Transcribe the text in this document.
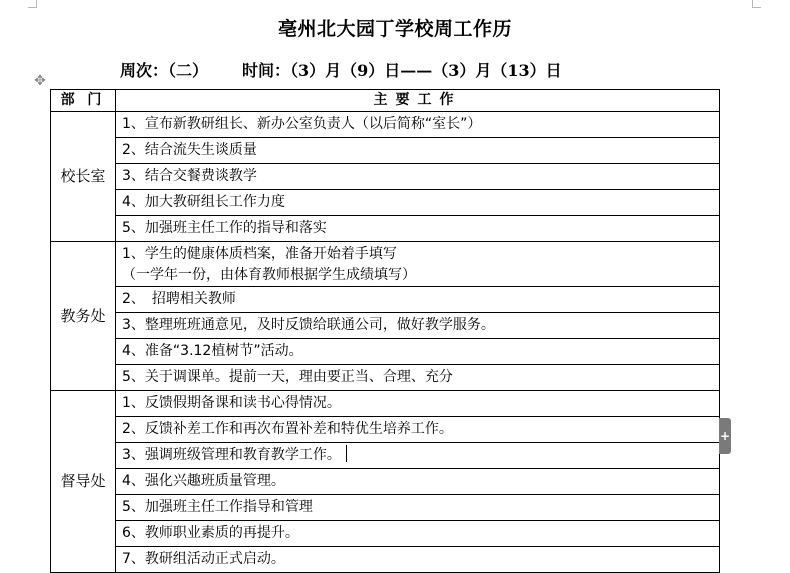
亳州北大园丁学校周工作历
周次：（二） 时间：（3）月（9）日——（3）月（13）日
✥
部 门	主要工作
校长室	1、宣布新教研组长、新办公室负责人（以后简称“室长”）
	2、结合流失生谈质量
	3、结合交餐费谈教学
	4、加大教研组长工作力度
	5、加强班主任工作的指导和落实
教务处	1、学生的健康体质档案，准备开始着手填写
（一学年一份，由体育教师根据学生成绩填写）

	2、　招聘相关教师
	3、整理班班通意见，及时反馈给联通公司，做好教学服务。
	4、准备“3.12植树节”活动。
	5、关于调课单。提前一天，理由要正当、合理、充分
督导处	1、反馈假期备课和读书心得情况。
	2、反馈补差工作和再次布置补差和特优生培养工作。
	3、强调班级管理和教育教学工作。
	4、强化兴趣班质量管理。
	5、加强班主任工作指导和管理
	6、教师职业素质的再提升。
	7、教研组活动正式启动。
+
